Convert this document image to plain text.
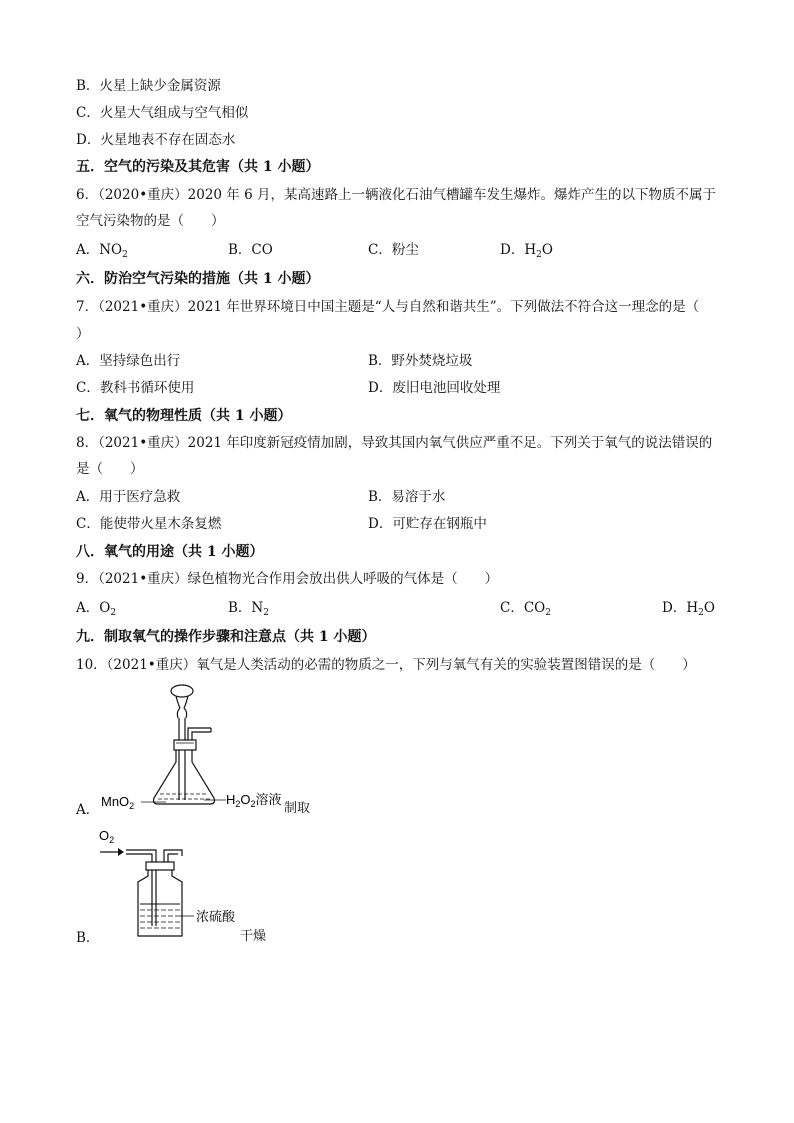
B．火星上缺少金属资源
C．火星大气组成与空气相似
D．火星地表不存在固态水
五．空气的污染及其危害（共 1 小题）
6．（2020•重庆）2020 年 6 月，某高速路上一辆液化石油气槽罐车发生爆炸。爆炸产生的以下物质不属于
空气污染物的是（　　）
A．$NO_2$	B．CO	C．粉尘	D．$H_2O$
六．防治空气污染的措施（共 1 小题）
7．（2021•重庆）2021 年世界环境日中国主题是“人与自然和谐共生”。下列做法不符合这一理念的是（
）
A．坚持绿色出行	B．野外焚烧垃圾
C．教科书循环使用	D．废旧电池回收处理
七．氧气的物理性质（共 1 小题）
8．（2021•重庆）2021 年印度新冠疫情加剧，导致其国内氧气供应严重不足。下列关于氧气的说法错误的
是（　　）
A．用于医疗急救	B．易溶于水
C．能使带火星木条复燃	D．可贮存在钢瓶中
八．氧气的用途（共 1 小题）
9．（2021•重庆）绿色植物光合作用会放出供人呼吸的气体是（　　）
A．$O_2$	B．$N_2$	C．$CO_2$	D．$H_2O$
九．制取氧气的操作步骤和注意点（共 1 小题）
10．（2021•重庆）氧气是人类活动的必需的物质之一，下列与氧气有关的实验装置图错误的是（　　）
A．
MnO$_2$	$H_2O_2$溶液
制取
B．
$O_2$
浓硫酸
干燥
